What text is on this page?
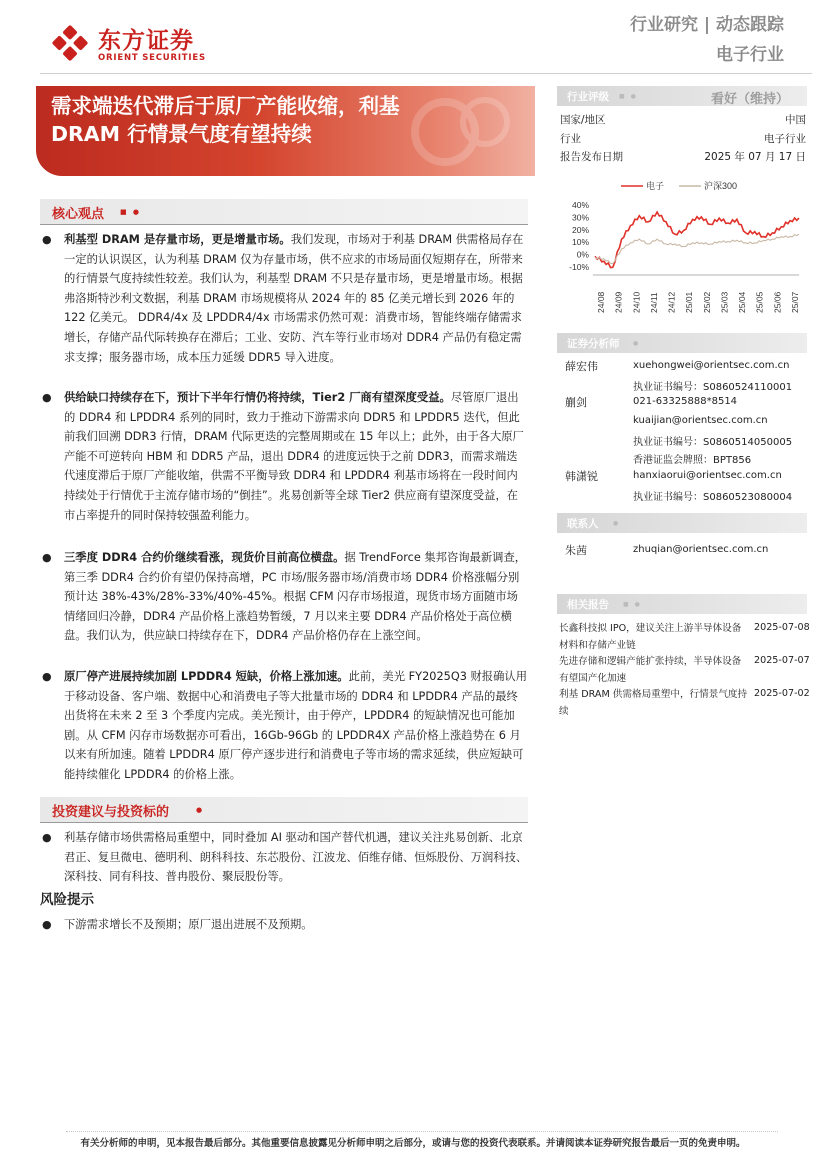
东方证券
ORIENT SECURITIES
行业研究 | 动态跟踪
电子行业
需求端迭代滞后于原厂产能收缩，利基
DRAM 行情景气度有望持续
核心观点 ■ ●
● 利基型 DRAM 是存量市场，更是增量市场。我们发现，市场对于利基 DRAM 供需格局存在一定的认识误区，认为利基 DRAM 仅为存量市场，供不应求的市场局面仅短期存在，所带来的行情景气度持续性较差。我们认为，利基型 DRAM 不只是存量市场，更是增量市场。根据弗洛斯特沙利文数据，利基 DRAM 市场规模将从 2024 年的 85 亿美元增长到 2026 年的 122 亿美元。 DDR4/4x 及 LPDDR4/4x 市场需求仍然可观：消费市场，智能终端存储需求增长，存储产品代际转换存在滞后；工业、安防、汽车等行业市场对 DDR4 产品仍有稳定需求支撑；服务器市场，成本压力延缓 DDR5 导入进度。
● 供给缺口持续存在下，预计下半年行情仍将持续，Tier2 厂商有望深度受益。尽管原厂退出的 DDR4 和 LPDDR4 系列的同时，致力于推动下游需求向 DDR5 和 LPDDR5 迭代，但此前我们回溯 DDR3 行情，DRAM 代际更迭的完整周期或在 15 年以上；此外，由于各大原厂产能不可逆转向 HBM 和 DDR5 产品，退出 DDR4 的进度远快于之前 DDR3，而需求端迭代速度滞后于原厂产能收缩，供需不平衡导致 DDR4 和 LPDDR4 利基市场将在一段时间内持续处于行情优于主流存储市场的“倒挂”。兆易创新等全球 Tier2 供应商有望深度受益，在市占率提升的同时保持较强盈利能力。
● 三季度 DDR4 合约价继续看涨，现货价目前高位横盘。据 TrendForce 集邦咨询最新调查，第三季 DDR4 合约价有望仍保持高增，PC 市场/服务器市场/消费市场 DDR4 价格涨幅分别预计达 38%-43%/28%-33%/40%-45%。根据 CFM 闪存市场报道，现货市场方面随市场情绪回归冷静，DDR4 产品价格上涨趋势暂缓，7 月以来主要 DDR4 产品价格处于高位横盘。我们认为，供应缺口持续存在下，DDR4 产品价格仍存在上涨空间。
● 原厂停产进展持续加剧 LPDDR4 短缺，价格上涨加速。此前，美光 FY2025Q3 财报确认用于移动设备、客户端、数据中心和消费电子等大批量市场的 DDR4 和 LPDDR4 产品的最终出货将在未来 2 至 3 个季度内完成。美光预计，由于停产，LPDDR4 的短缺情况也可能加剧。从 CFM 闪存市场数据亦可看出，16Gb-96Gb 的 LPDDR4X 产品价格上涨趋势在 6 月以来有所加速。随着 LPDDR4 原厂停产逐步进行和消费电子等市场的需求延续，供应短缺可能持续催化 LPDDR4 的价格上涨。
投资建议与投资标的	●
● 利基存储市场供需格局重塑中，同时叠加 AI 驱动和国产替代机遇，建议关注兆易创新、北京君正、复旦微电、德明利、朗科科技、东芯股份、江波龙、佰维存储、恒烁股份、万润科技、深科技、同有科技、普冉股份、聚辰股份等。
风险提示
● 下游需求增长不及预期；原厂退出进展不及预期。
行业评级 ■ ●	看好（维持）
国家/地区	中国
行业	电子行业
报告发布日期	2025 年 07 月 17 日
40%
30%
20%
10%
0%
-10%
24/08 24/09 24/10 24/11 24/12 25/01 25/02 25/03 25/04 25/05 25/06 25/07
电子	沪深300
证券分析师 ●
薛宏伟	xuehongwei@orientsec.com.cn
执业证书编号：S0860524110001
蒯剑	021-63325888*8514
kuaijian@orientsec.com.cn
执业证书编号：S0860514050005
香港证监会牌照：BPT856
韩潇锐	hanxiaorui@orientsec.com.cn
执业证书编号：S0860523080004
联系人 ●
朱茜	zhuqian@orientsec.com.cn
相关报告 ■ ●
长鑫科技拟 IPO，建议关注上游半导体设备材料和存储产业链
2025-07-08
先进存储和逻辑产能扩张持续，半导体设备有望国产化加速
2025-07-07
利基 DRAM 供需格局重塑中，行情景气度持续
2025-07-02
有关分析师的申明，见本报告最后部分。其他重要信息披露见分析师申明之后部分，或请与您的投资代表联系。并请阅读本证券研究报告最后一页的免责申明。
